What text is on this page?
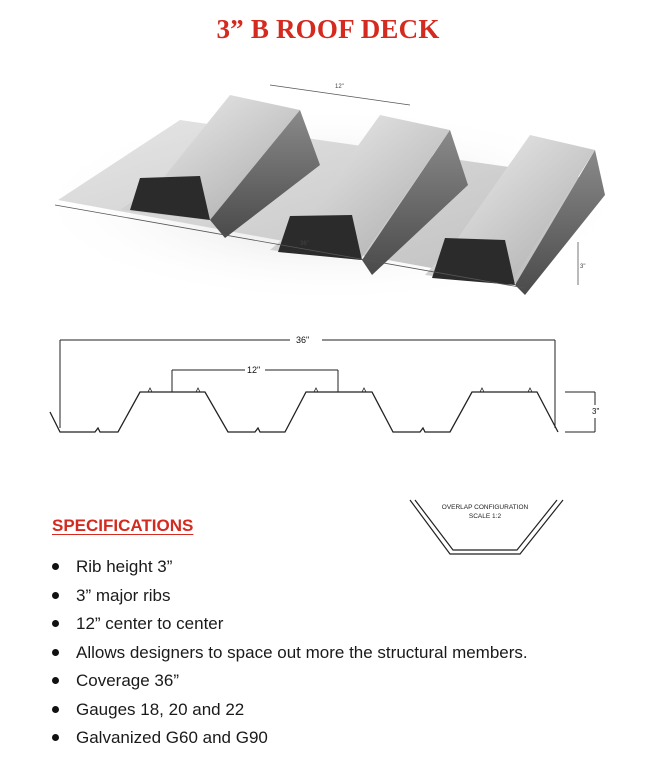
3” B ROOF DECK
12"
36"
3"
36"
12"
3"
OVERLAP CONFIGURATION
SCALE 1:2
SPECIFICATIONS
Rib height 3”
3” major ribs
12” center to center
Allows designers to space out more the structural members.
Coverage 36”
Gauges 18, 20 and 22
Galvanized G60 and G90
